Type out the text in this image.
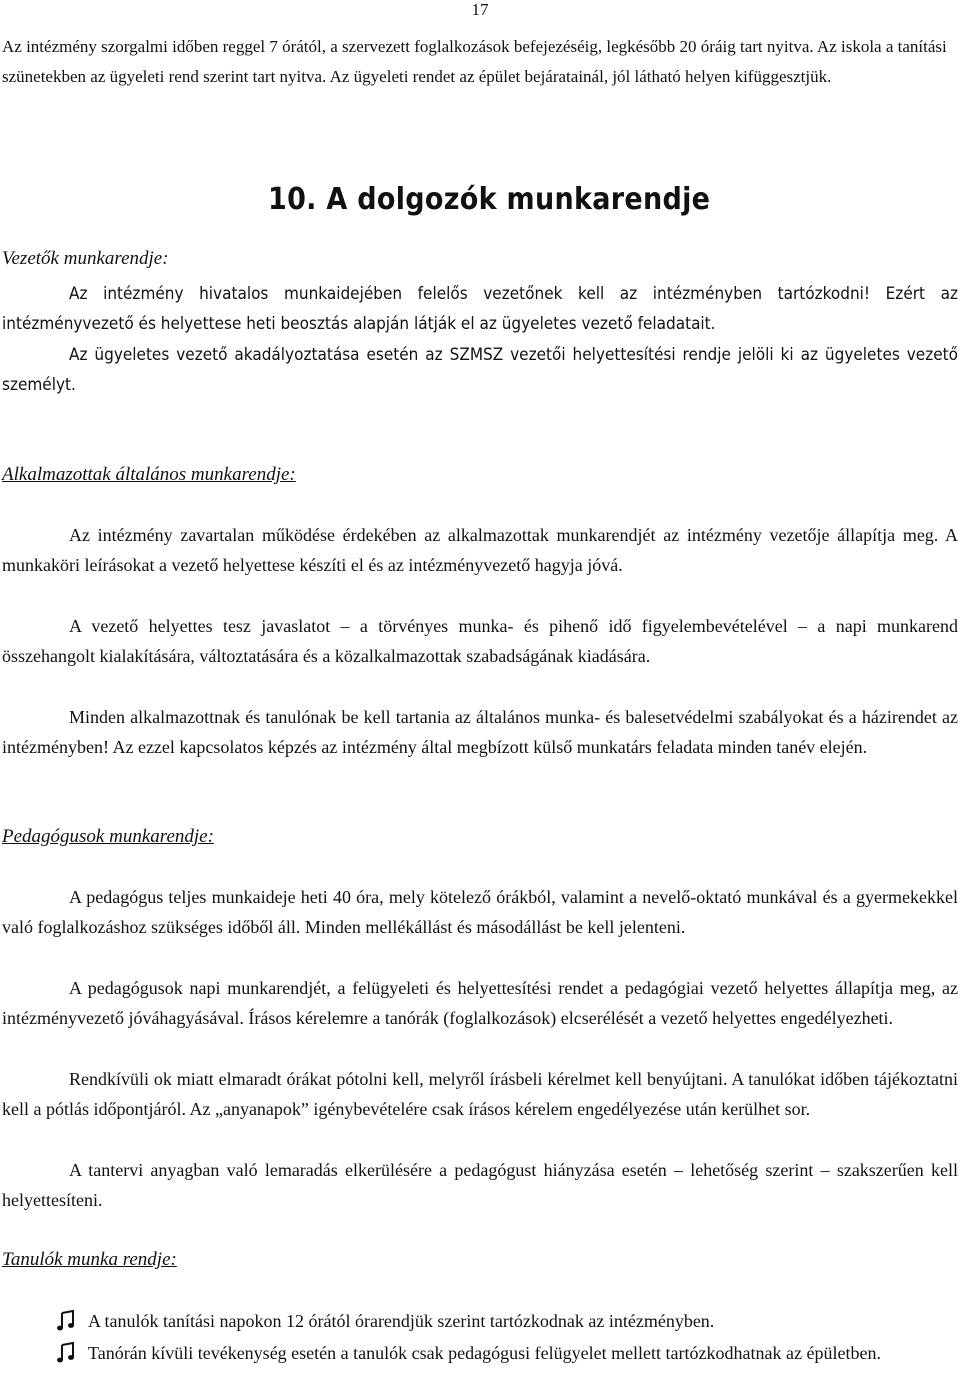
17
Az intézmény szorgalmi időben reggel 7 órától, a szervezett foglalkozások befejezéséig, legkésőbb 20 óráig tart nyitva. Az iskola a tanítási szünetekben az ügyeleti rend szerint tart nyitva. Az ügyeleti rendet az épület bejáratainál, jól látható helyen kifüggesztjük.
10. A dolgozók munkarendje
Vezetők munkarendje:
Az intézmény hivatalos munkaidejében felelős vezetőnek kell az intézményben tartózkodni! Ezért az intézményvezető és helyettese heti beosztás alapján látják el az ügyeletes vezető feladatait.
Az ügyeletes vezető akadályoztatása esetén az SZMSZ vezetői helyettesítési rendje jelöli ki az ügyeletes vezető személyt.
Alkalmazottak általános munkarendje:
Az intézmény zavartalan működése érdekében az alkalmazottak munkarendjét az intézmény vezetője állapítja meg. A munkaköri leírásokat a vezető helyettese készíti el és az intézményvezető hagyja jóvá.
A vezető helyettes tesz javaslatot – a törvényes munka- és pihenő idő figyelembevételével – a napi munkarend összehangolt kialakítására, változtatására és a közalkalmazottak szabadságának kiadására.
Minden alkalmazottnak és tanulónak be kell tartania az általános munka- és balesetvédelmi szabályokat és a házirendet az intézményben! Az ezzel kapcsolatos képzés az intézmény által megbízott külső munkatárs feladata minden tanév elején.
Pedagógusok munkarendje:
A pedagógus teljes munkaideje heti 40 óra, mely kötelező órákból, valamint a nevelő-oktató munkával és a gyermekekkel való foglalkozáshoz szükséges időből áll. Minden mellékállást és másodállást be kell jelenteni.
A pedagógusok napi munkarendjét, a felügyeleti és helyettesítési rendet a pedagógiai vezető helyettes állapítja meg, az intézményvezető jóváhagyásával. Írásos kérelemre a tanórák (foglalkozások) elcserélését a vezető helyettes engedélyezheti.
Rendkívüli ok miatt elmaradt órákat pótolni kell, melyről írásbeli kérelmet kell benyújtani. A tanulókat időben tájékoztatni kell a pótlás időpontjáról. Az „anyanapok” igénybevételére csak írásos kérelem engedélyezése után kerülhet sor.
A tantervi anyagban való lemaradás elkerülésére a pedagógust hiányzása esetén – lehetőség szerint – szakszerűen kell helyettesíteni.
Tanulók munka rendje:
A tanulók tanítási napokon 12 órától órarendjük szerint tartózkodnak az intézményben.
Tanórán kívüli tevékenység esetén a tanulók csak pedagógusi felügyelet mellett tartózkodhatnak az épületben.
